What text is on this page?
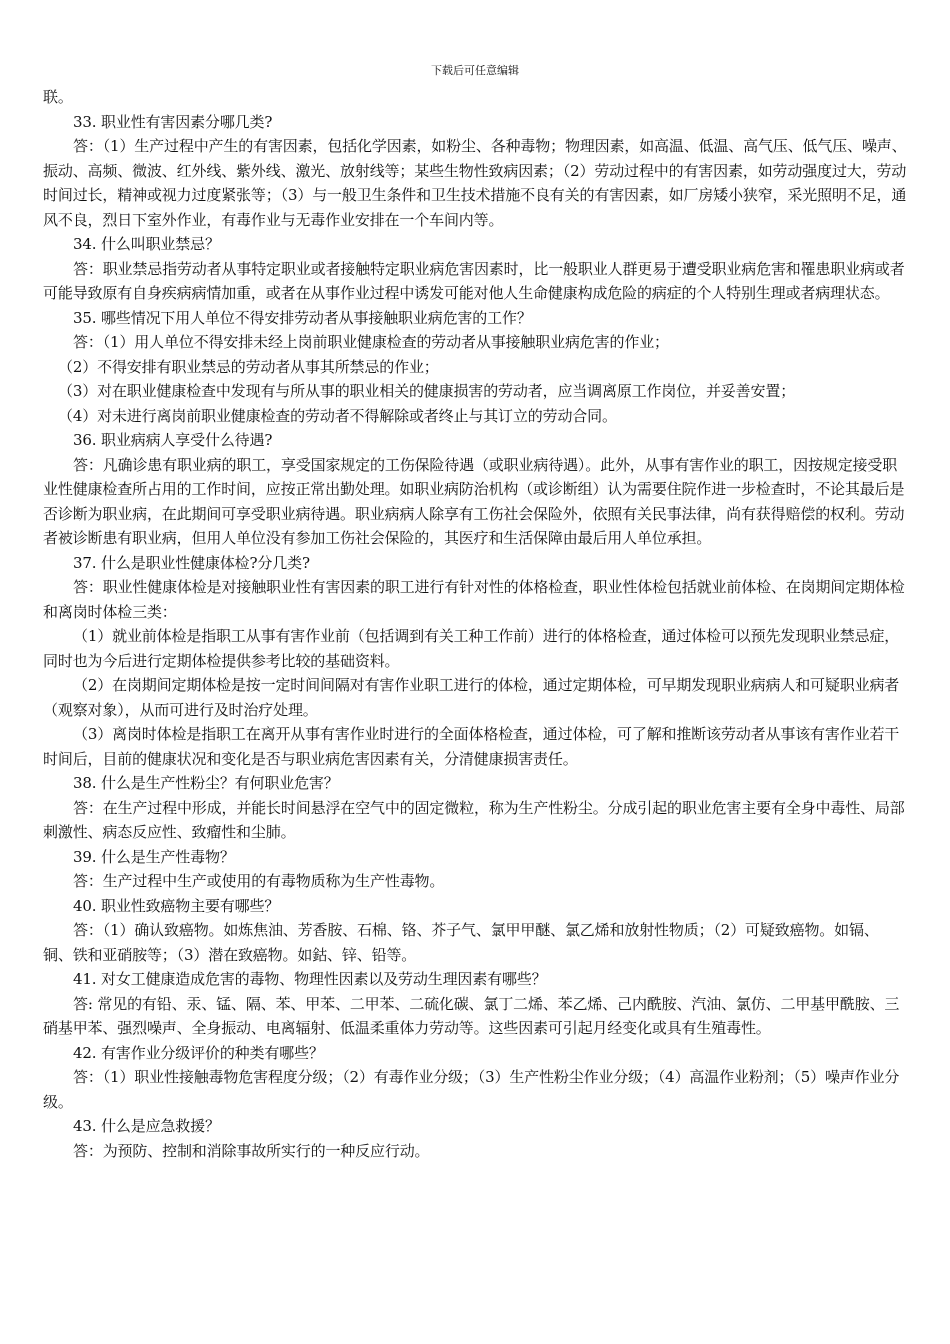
下载后可任意编辑

联。

33. 职业性有害因素分哪几类?

答：（1）生产过程中产生的有害因素，包括化学因素，如粉尘、各种毒物；物理因素，如高温、低温、高气压、低气压、噪声、振动、高频、微波、红外线、紫外线、激光、放射线等；某些生物性致病因素；（2）劳动过程中的有害因素，如劳动强度过大，劳动时间过长，精神或视力过度紧张等；（3）与一般卫生条件和卫生技术措施不良有关的有害因素，如厂房矮小狭窄，采光照明不足，通风不良，烈日下室外作业，有毒作业与无毒作业安排在一个车间内等。

34. 什么叫职业禁忌？

答：职业禁忌指劳动者从事特定职业或者接触特定职业病危害因素时，比一般职业人群更易于遭受职业病危害和罹患职业病或者可能导致原有自身疾病病情加重，或者在从事作业过程中诱发可能对他人生命健康构成危险的病症的个人特别生理或者病理状态。

35. 哪些情况下用人单位不得安排劳动者从事接触职业病危害的工作？

答：（1）用人单位不得安排未经上岗前职业健康检查的劳动者从事接触职业病危害的作业；

（2）不得安排有职业禁忌的劳动者从事其所禁忌的作业；

（3）对在职业健康检查中发现有与所从事的职业相关的健康损害的劳动者，应当调离原工作岗位，并妥善安置；

（4）对未进行离岗前职业健康检查的劳动者不得解除或者终止与其订立的劳动合同。

36. 职业病病人享受什么待遇?

答：凡确诊患有职业病的职工，享受国家规定的工伤保险待遇（或职业病待遇）。此外，从事有害作业的职工，因按规定接受职业性健康检查所占用的工作时间，应按正常出勤处理。如职业病防治机构（或诊断组）认为需要住院作进一步检查时，不论其最后是否诊断为职业病，在此期间可享受职业病待遇。职业病病人除享有工伤社会保险外，依照有关民事法律，尚有获得赔偿的权利。劳动者被诊断患有职业病，但用人单位没有参加工伤社会保险的，其医疗和生活保障由最后用人单位承担。

37. 什么是职业性健康体检?分几类?

答：职业性健康体检是对接触职业性有害因素的职工进行有针对性的体格检查，职业性体检包括就业前体检、在岗期间定期体检和离岗时体检三类：

（1）就业前体检是指职工从事有害作业前（包括调到有关工种工作前）进行的体格检查，通过体检可以预先发现职业禁忌症，同时也为今后进行定期体检提供参考比较的基础资料。

（2）在岗期间定期体检是按一定时间间隔对有害作业职工进行的体检，通过定期体检，可早期发现职业病病人和可疑职业病者（观察对象），从而可进行及时治疗处理。

（3）离岗时体检是指职工在离开从事有害作业时进行的全面体格检查，通过体检，可了解和推断该劳动者从事该有害作业若干时间后，目前的健康状况和变化是否与职业病危害因素有关，分清健康损害责任。

38. 什么是生产性粉尘？有何职业危害？

答：在生产过程中形成，并能长时间悬浮在空气中的固定微粒，称为生产性粉尘。分成引起的职业危害主要有全身中毒性、局部刺激性、病态反应性、致瘤性和尘肺。

39. 什么是生产性毒物？

答：生产过程中生产或使用的有毒物质称为生产性毒物。

40. 职业性致癌物主要有哪些？

答：（1）确认致癌物。如炼焦油、芳香胺、石棉、铬、芥子气、氯甲甲醚、氯乙烯和放射性物质；（2）可疑致癌物。如镉、铜、铁和亚硝胺等；（3）潜在致癌物。如鈷、锌、铅等。

41. 对女工健康造成危害的毒物、物理性因素以及劳动生理因素有哪些？

答: 常见的有铅、汞、锰、隔、苯、甲苯、二甲苯、二硫化碳、氯丁二烯、苯乙烯、己内酰胺、汽油、氯仿、二甲基甲酰胺、三硝基甲苯、强烈噪声、全身振动、电离辐射、低温柔重体力劳动等。这些因素可引起月经变化或具有生殖毒性。

42. 有害作业分级评价的种类有哪些？

答：（1）职业性接触毒物危害程度分级；（2）有毒作业分级；（3）生产性粉尘作业分级；（4）高温作业粉剂；（5）噪声作业分级。

43. 什么是应急救援？

答：为预防、控制和消除事故所实行的一种反应行动。
